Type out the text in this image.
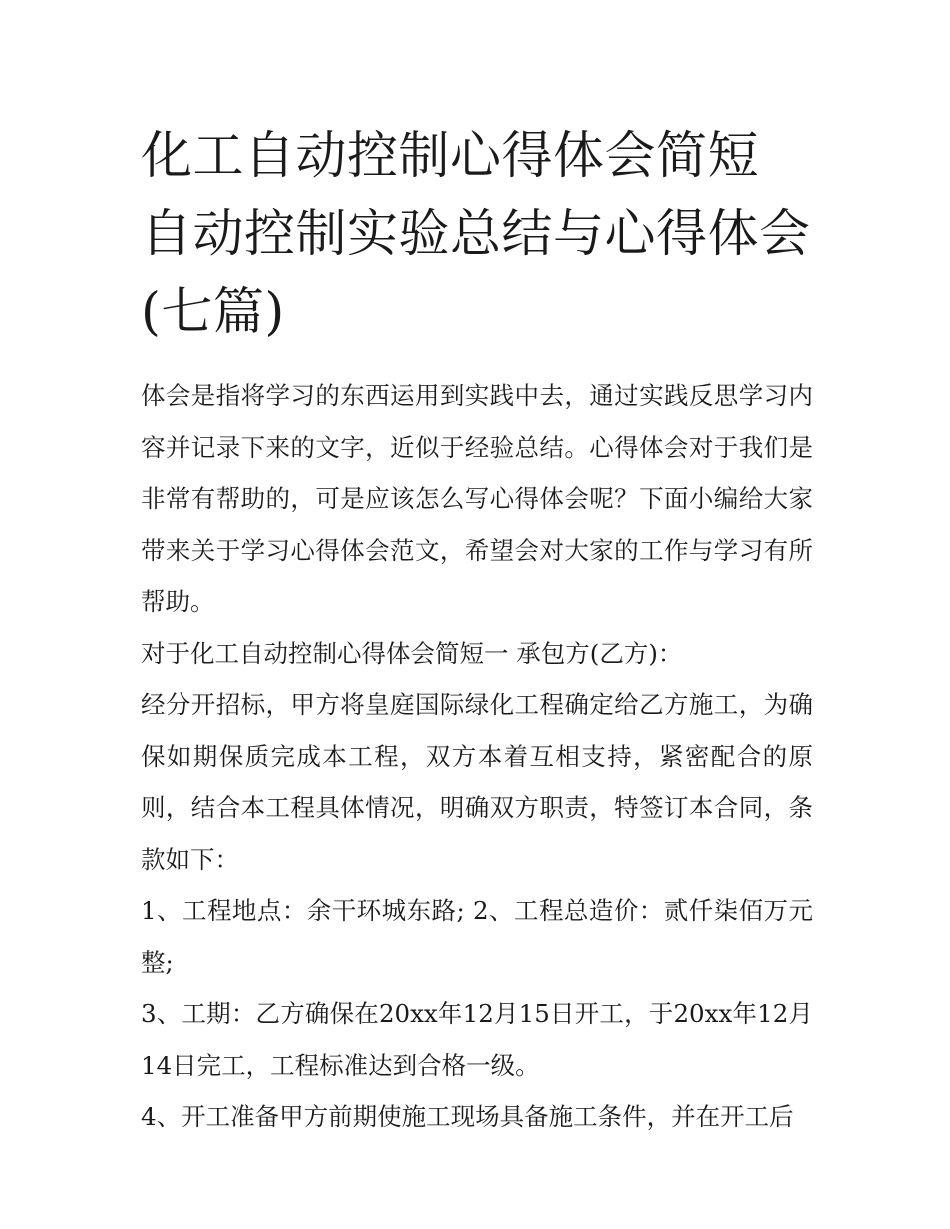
化工自动控制心得体会简短 自动控制实验总结与心得体会(七篇)

体会是指将学习的东西运用到实践中去，通过实践反思学习内容并记录下来的文字，近似于经验总结。心得体会对于我们是非常有帮助的，可是应该怎么写心得体会呢？下面小编给大家带来关于学习心得体会范文，希望会对大家的工作与学习有所帮助。

对于化工自动控制心得体会简短一 承包方(乙方)：

经分开招标，甲方将皇庭国际绿化工程确定给乙方施工，为确保如期保质完成本工程，双方本着互相支持，紧密配合的原则，结合本工程具体情况，明确双方职责，特签订本合同，条款如下：

1、工程地点：余干环城东路; 2、工程总造价：贰仟柒佰万元整;

3、工期：乙方确保在20xx年12月15日开工，于20xx年12月14日完工，工程标准达到合格一级。

4、开工准备甲方前期使施工现场具备施工条件，并在开工后
